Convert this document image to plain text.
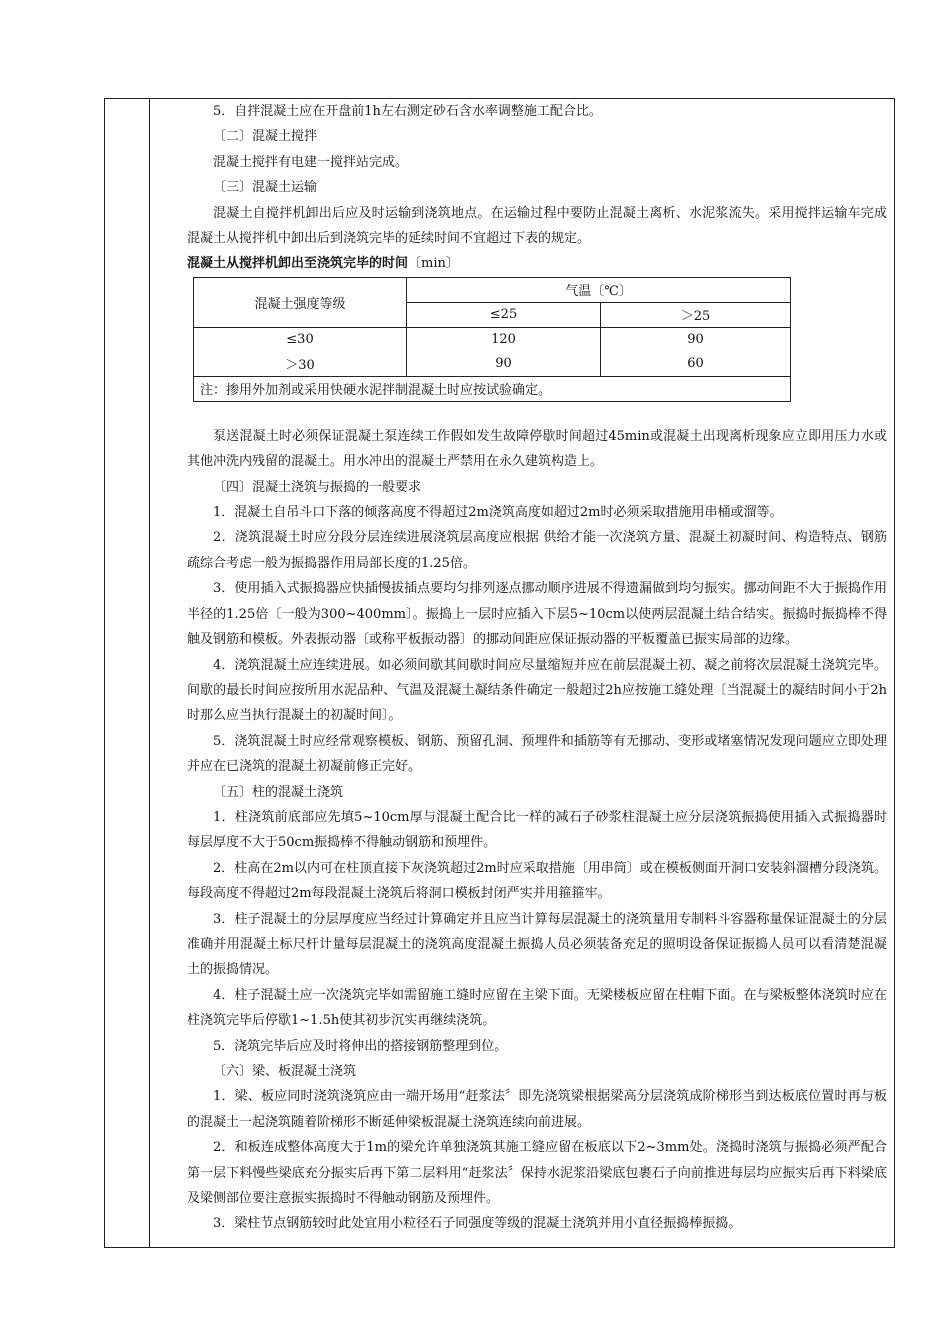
5．自拌混凝土应在开盘前1h左右测定砂石含水率调整施工配合比。

〔二〕混凝土搅拌

混凝土搅拌有电建一搅拌站完成。

〔三〕混凝土运输

混凝土自搅拌机卸出后应及时运输到浇筑地点。在运输过程中要防止混凝土离析、水泥浆流失。采用搅拌运输车完成混凝土从搅拌机中卸出后到浇筑完毕的延续时间不宜超过下表的规定。

混凝土从搅拌机卸出至浇筑完毕的时间〔min〕

混凝土强度等级	气温〔℃〕	
	≤25	＞25
≤30	120	90
＞30	90	60
注：掺用外加剂或采用快硬水泥拌制混凝土时应按试验确定。		

泵送混凝土时必须保证混凝土泵连续工作假如发生故障停歇时间超过45min或混凝土出现离析现象应立即用压力水或其他冲洗内残留的混凝土。用水冲出的混凝土严禁用在永久建筑构造上。

〔四〕混凝土浇筑与振捣的一般要求

1．混凝土自吊斗口下落的倾落高度不得超过2m浇筑高度如超过2m时必须采取措施用串桶或溜等。

2．浇筑混凝土时应分段分层连续进展浇筑层高度应根据 供给才能一次浇筑方量、混凝土初凝时间、构造特点、钢筋疏综合考虑一般为振捣器作用局部长度的1.25倍。

3．使用插入式振捣器应快插慢拔插点要均匀排列逐点挪动顺序进展不得遗漏做到均匀振实。挪动间距不大于振捣作用半径的1.25倍〔一般为300~400mm〕。振捣上一层时应插入下层5~10cm以使两层混凝土结合结实。振捣时振捣棒不得触及钢筋和模板。外表振动器〔或称平板振动器〕的挪动间距应保证振动器的平板覆盖已振实局部的边缘。

4．浇筑混凝土应连续进展。如必须间歇其间歇时间应尽量缩短并应在前层混凝土初、凝之前将次层混凝土浇筑完毕。间歇的最长时间应按所用水泥品种、气温及混凝土凝结条件确定一般超过2h应按施工缝处理〔当混凝土的凝结时间小于2h时那么应当执行混凝土的初凝时间〕。

5．浇筑混凝土时应经常观察模板、钢筋、预留孔洞、预埋件和插筋等有无挪动、变形或堵塞情况发现问题应立即处理并应在已浇筑的混凝土初凝前修正完好。

〔五〕柱的混凝土浇筑

1．柱浇筑前底部应先填5~10cm厚与混凝土配合比一样的减石子砂浆柱混凝土应分层浇筑振捣使用插入式振捣器时每层厚度不大于50cm振捣棒不得触动钢筋和预埋件。

2．柱高在2m以内可在柱顶直接下灰浇筑超过2m时应采取措施〔用串筒〕或在模板侧面开洞口安装斜溜槽分段浇筑。每段高度不得超过2m每段混凝土浇筑后将洞口模板封闭严实并用箍箍牢。

3．柱子混凝土的分层厚度应当经过计算确定并且应当计算每层混凝土的浇筑量用专制料斗容器称量保证混凝土的分层准确并用混凝土标尺杆计量每层混凝土的浇筑高度混凝土振捣人员必须装备充足的照明设备保证振捣人员可以看清楚混凝土的振捣情况。

4．柱子混凝土应一次浇筑完毕如需留施工缝时应留在主梁下面。无梁楼板应留在柱帽下面。在与梁板整体浇筑时应在柱浇筑完毕后停歇1~1.5h使其初步沉实再继续浇筑。

5．浇筑完毕后应及时将伸出的搭接钢筋整理到位。

〔六〕梁、板混凝土浇筑

1．梁、板应同时浇筑浇筑应由一端开场用“赶浆法〞即先浇筑梁根据梁高分层浇筑成阶梯形当到达板底位置时再与板的混凝土一起浇筑随着阶梯形不断延伸梁板混凝土浇筑连续向前进展。

2．和板连成整体高度大于1m的梁允许单独浇筑其施工缝应留在板底以下2~3mm处。浇捣时浇筑与振捣必须严配合第一层下料慢些梁底充分振实后再下第二层料用“赶浆法〞保持水泥浆沿梁底包裹石子向前推进每层均应振实后再下料梁底及梁侧部位要注意振实振捣时不得触动钢筋及预埋件。

3．梁柱节点钢筋较时此处宜用小粒径石子同强度等级的混凝土浇筑并用小直径振捣棒振捣。
